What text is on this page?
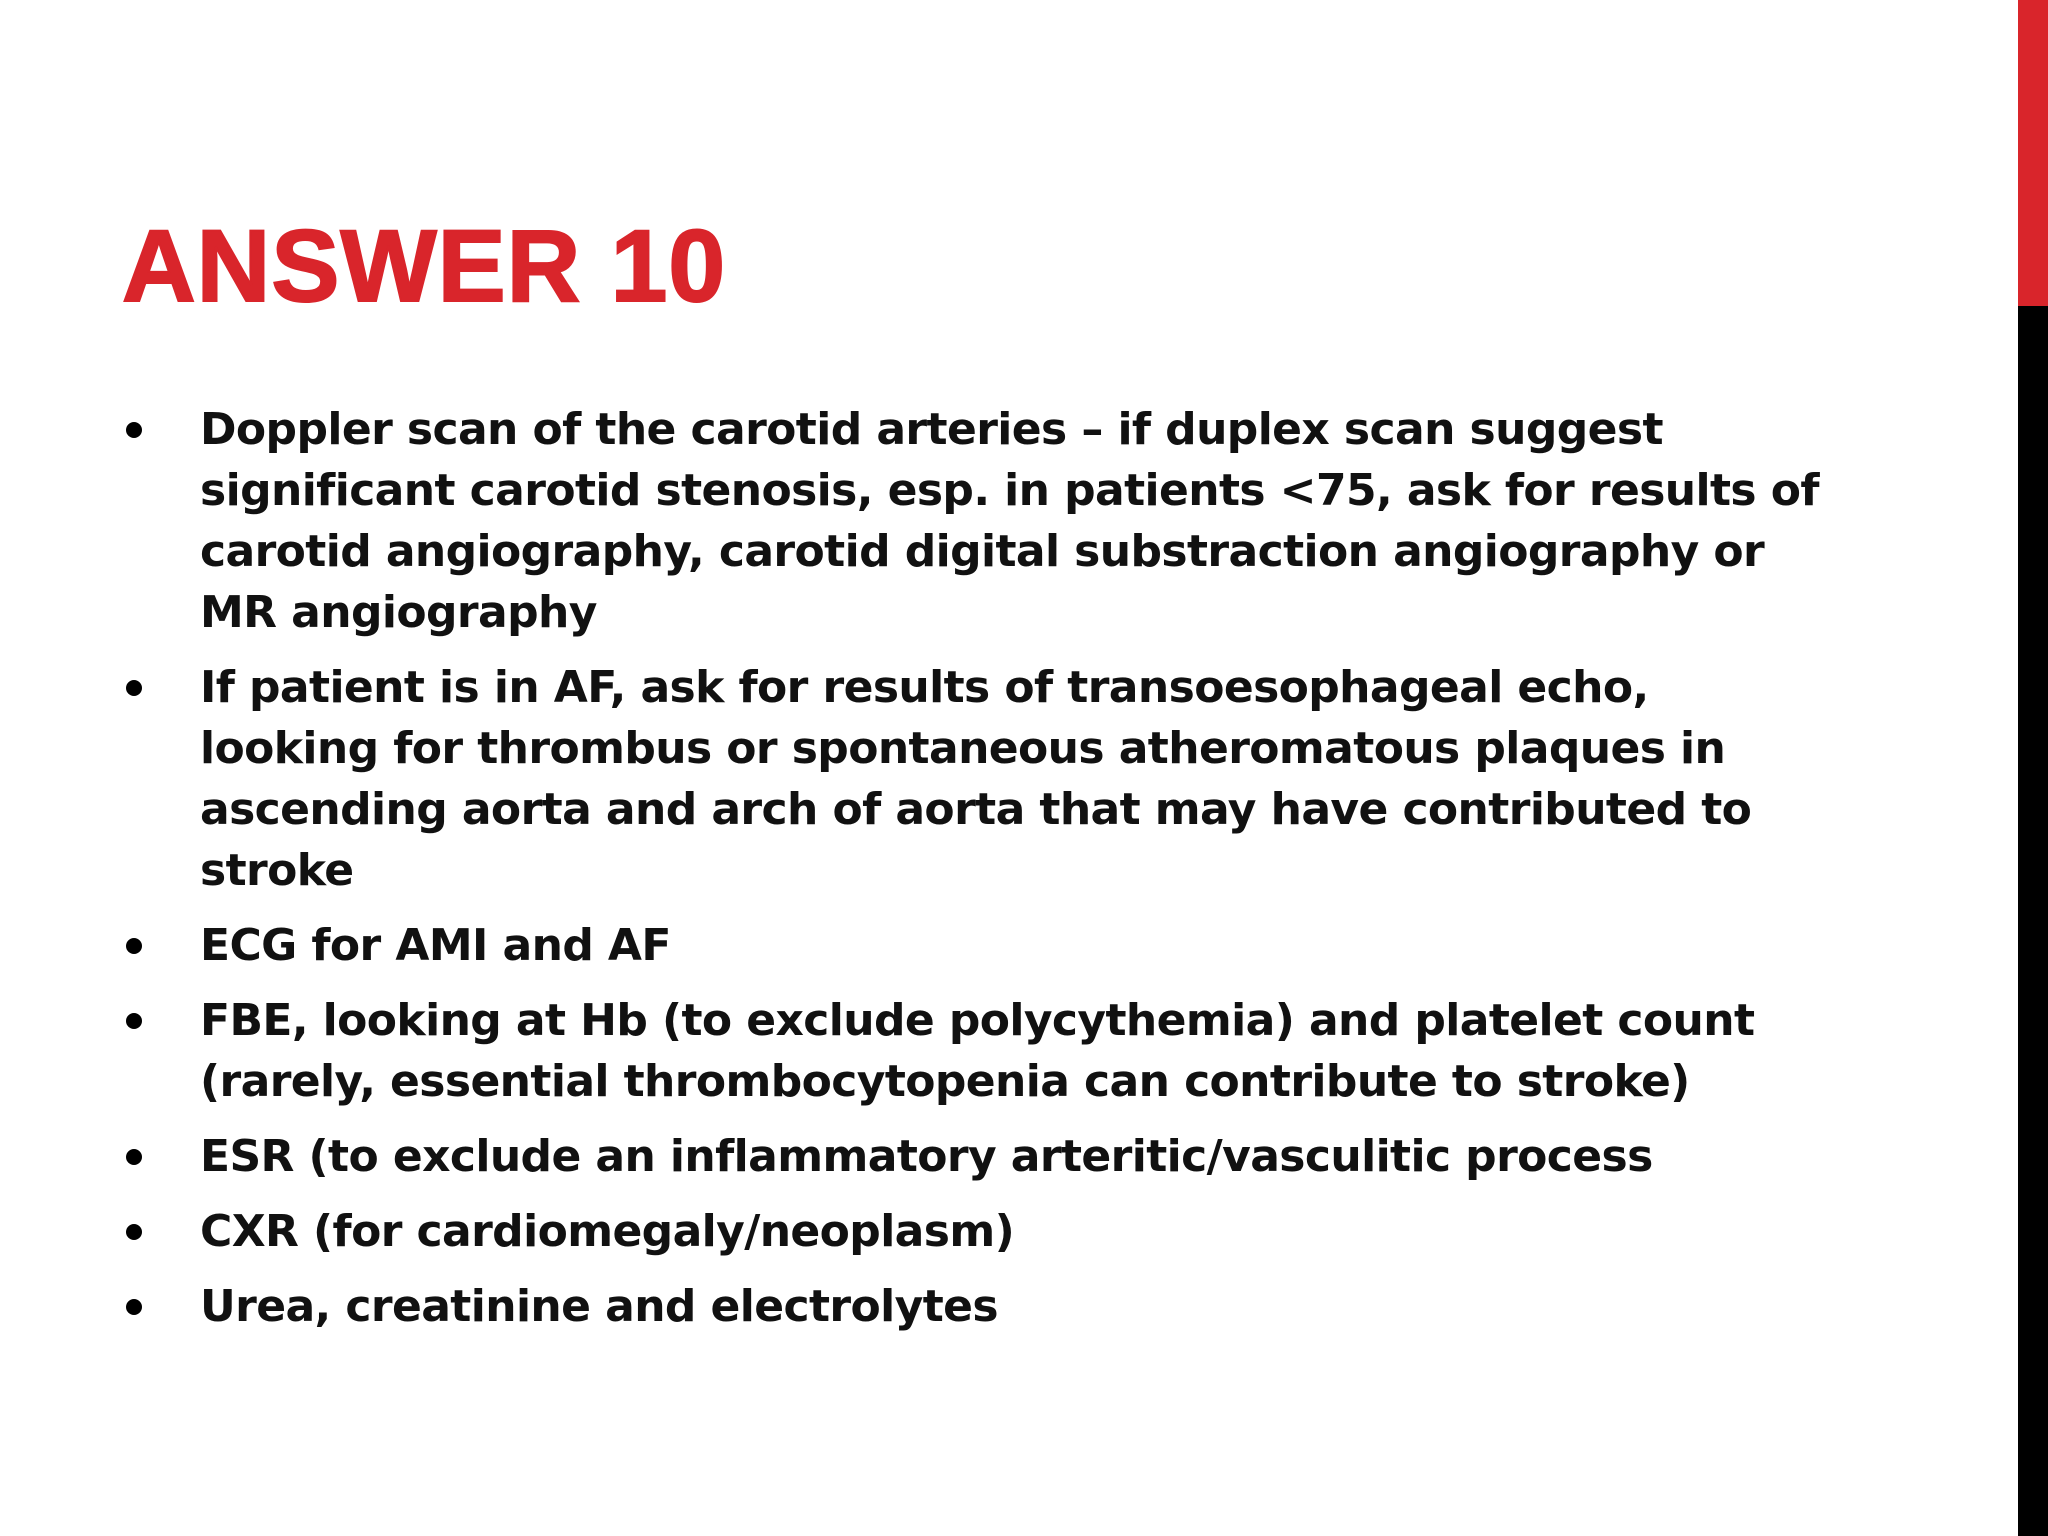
ANSWER 10
Doppler scan of the carotid arteries – if duplex scan suggest significant carotid stenosis, esp. in patients <75, ask for results of carotid angiography, carotid digital substraction angiography or MR angiography
If patient is in AF, ask for results of transoesophageal echo, looking for thrombus or spontaneous atheromatous plaques in ascending aorta and arch of aorta that may have contributed to stroke
ECG for AMI and AF
FBE, looking at Hb (to exclude polycythemia) and platelet count (rarely, essential thrombocytopenia can contribute to stroke)
ESR (to exclude an inflammatory arteritic/vasculitic process
CXR (for cardiomegaly/neoplasm)
Urea, creatinine and electrolytes
